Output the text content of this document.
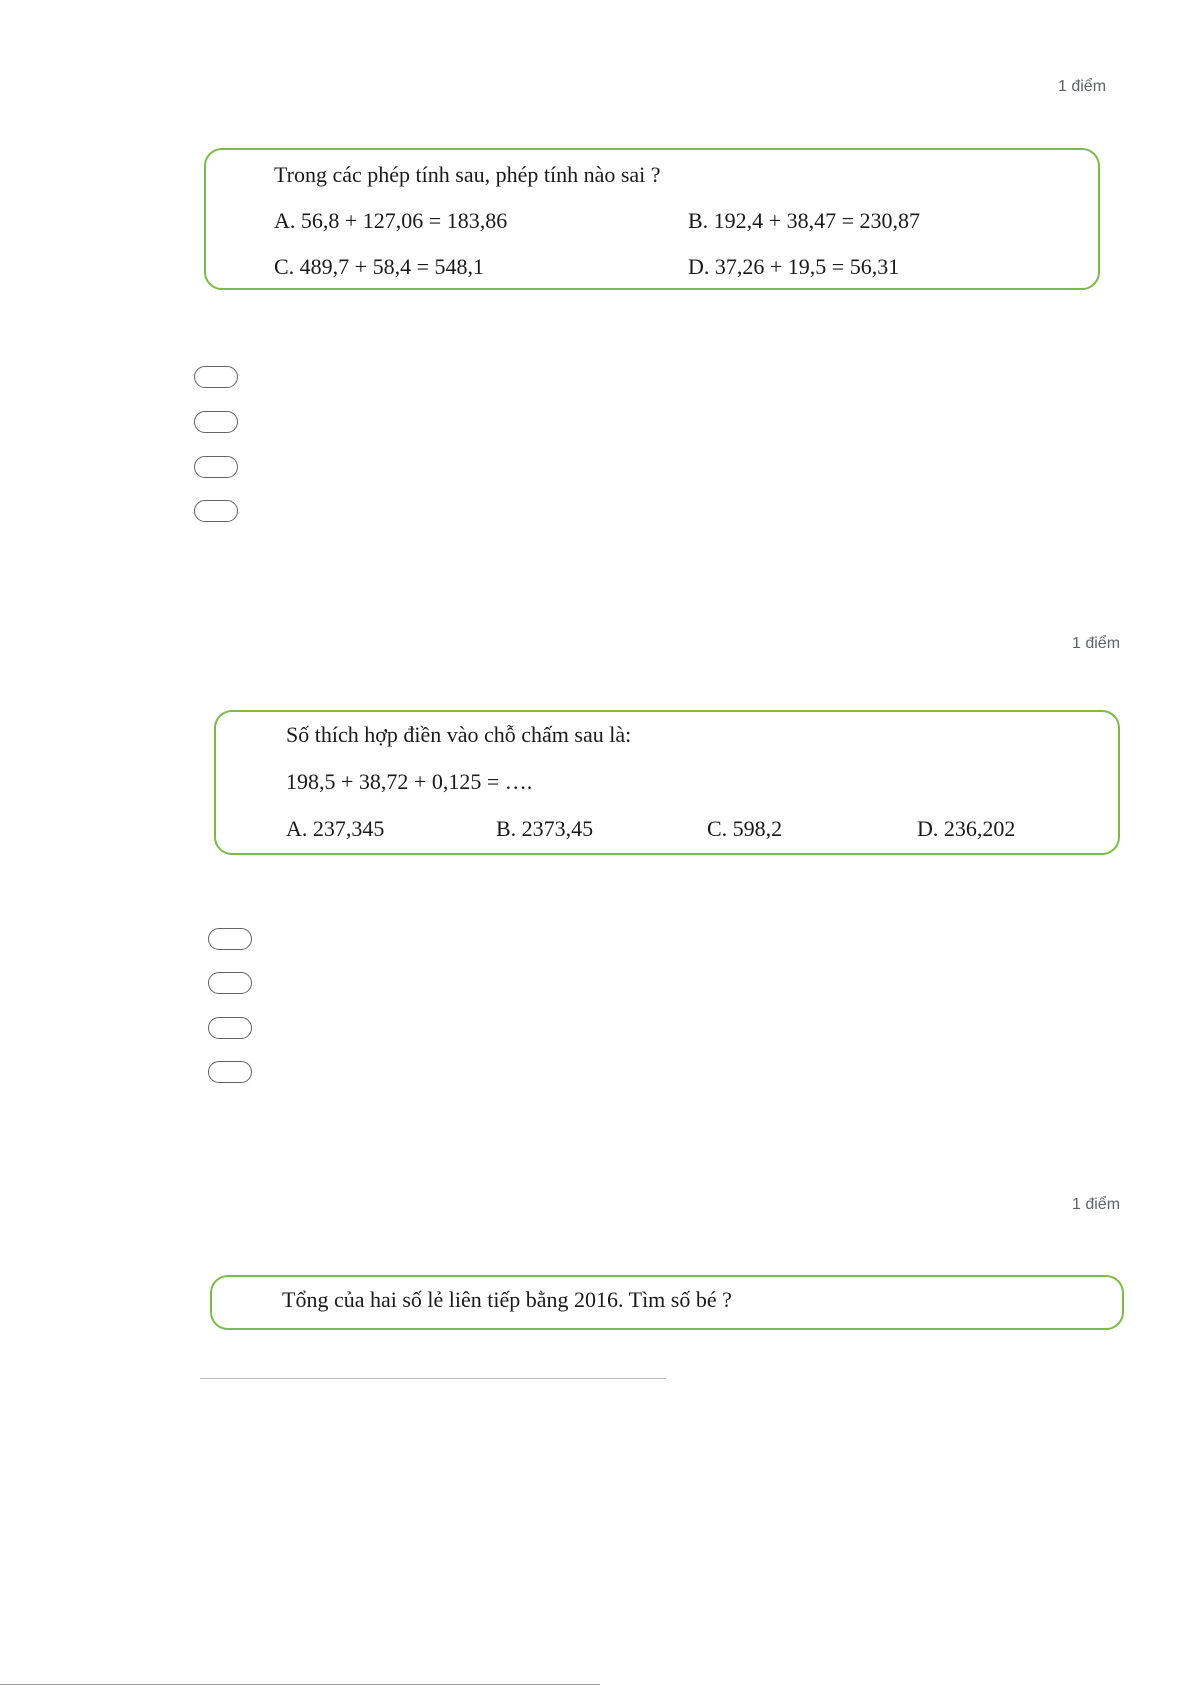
1 điểm
Trong các phép tính sau, phép tính nào sai ?
A. 56,8 + 127,06 = 183,86	B. 192,4 + 38,47 = 230,87
C. 489,7 + 58,4 = 548,1	D. 37,26 + 19,5 = 56,31
1 điểm
Số thích hợp điền vào chỗ chấm sau là:
198,5 + 38,72 + 0,125 = ….
A. 237,345	B. 2373,45	C. 598,2	D. 236,202
1 điểm
Tổng của hai số lẻ liên tiếp bằng 2016. Tìm số bé ?
